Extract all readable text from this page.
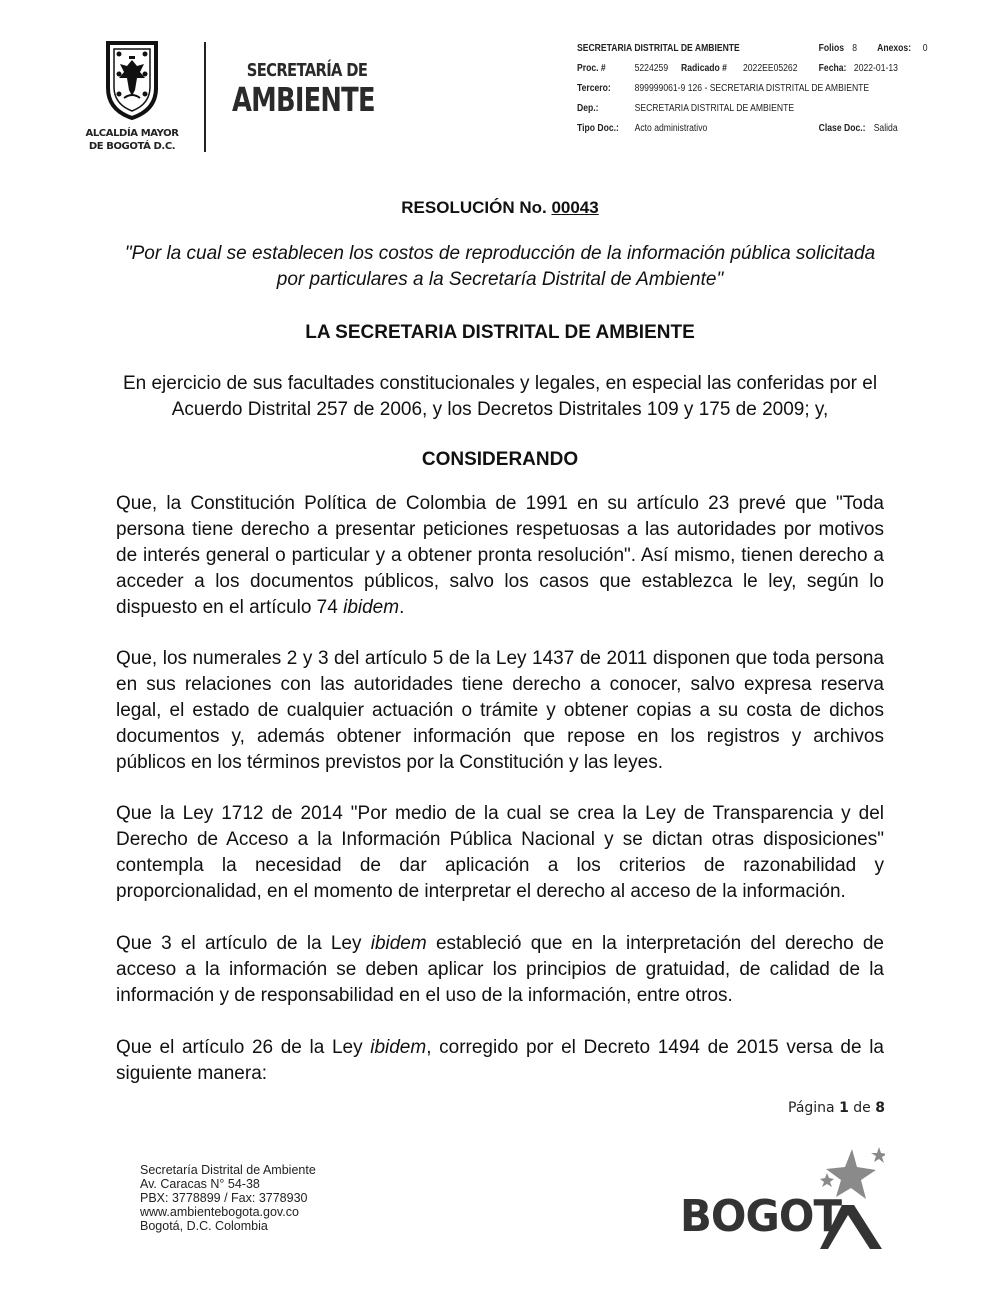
ALCALDÍA MAYOR
DE BOGOTÁ D.C.
SECRETARÍA DE
AMBIENTE
SECRETARIA DISTRITAL DE AMBIENTE	Folios 8 Anexos: 0
Proc. #	5224259 Radicado # 2022EE05262 Fecha: 2022-01-13
Tercero: 899999061-9 126 - SECRETARIA DISTRITAL DE AMBIENTE
Dep.:	SECRETARIA DISTRITAL DE AMBIENTE
Tipo Doc.: Acto administrativo	Clase Doc.: Salida
RESOLUCIÓN No. 00043
"Por la cual se establecen los costos de reproducción de la información pública solicitada por particulares a la Secretaría Distrital de Ambiente"
LA SECRETARIA DISTRITAL DE AMBIENTE
En ejercicio de sus facultades constitucionales y legales, en especial las conferidas por el Acuerdo Distrital 257 de 2006, y los Decretos Distritales 109 y 175 de 2009; y,
CONSIDERANDO
Que, la Constitución Política de Colombia de 1991 en su artículo 23 prevé que "Toda persona tiene derecho a presentar peticiones respetuosas a las autoridades por motivos de interés general o particular y a obtener pronta resolución". Así mismo, tienen derecho a acceder a los documentos públicos, salvo los casos que establezca le ley, según lo dispuesto en el artículo 74 ibidem.
Que, los numerales 2 y 3 del artículo 5 de la Ley 1437 de 2011 disponen que toda persona en sus relaciones con las autoridades tiene derecho a conocer, salvo expresa reserva legal, el estado de cualquier actuación o trámite y obtener copias a su costa de dichos documentos y, además obtener información que repose en los registros y archivos públicos en los términos previstos por la Constitución y las leyes.
Que la Ley 1712 de 2014 "Por medio de la cual se crea la Ley de Transparencia y del Derecho de Acceso a la Información Pública Nacional y se dictan otras disposiciones" contempla la necesidad de dar aplicación a los criterios de razonabilidad y proporcionalidad, en el momento de interpretar el derecho al acceso de la información.
Que 3 el artículo de la Ley ibidem estableció que en la interpretación del derecho de acceso a la información se deben aplicar los principios de gratuidad, de calidad de la información y de responsabilidad en el uso de la información, entre otros.
Que el artículo 26 de la Ley ibidem, corregido por el Decreto 1494 de 2015 versa de la siguiente manera:
Página 1 de 8
Secretaría Distrital de Ambiente
Av. Caracas N° 54-38
PBX: 3778899 / Fax: 3778930
www.ambientebogota.gov.co
Bogotá, D.C. Colombia	BOGOT
